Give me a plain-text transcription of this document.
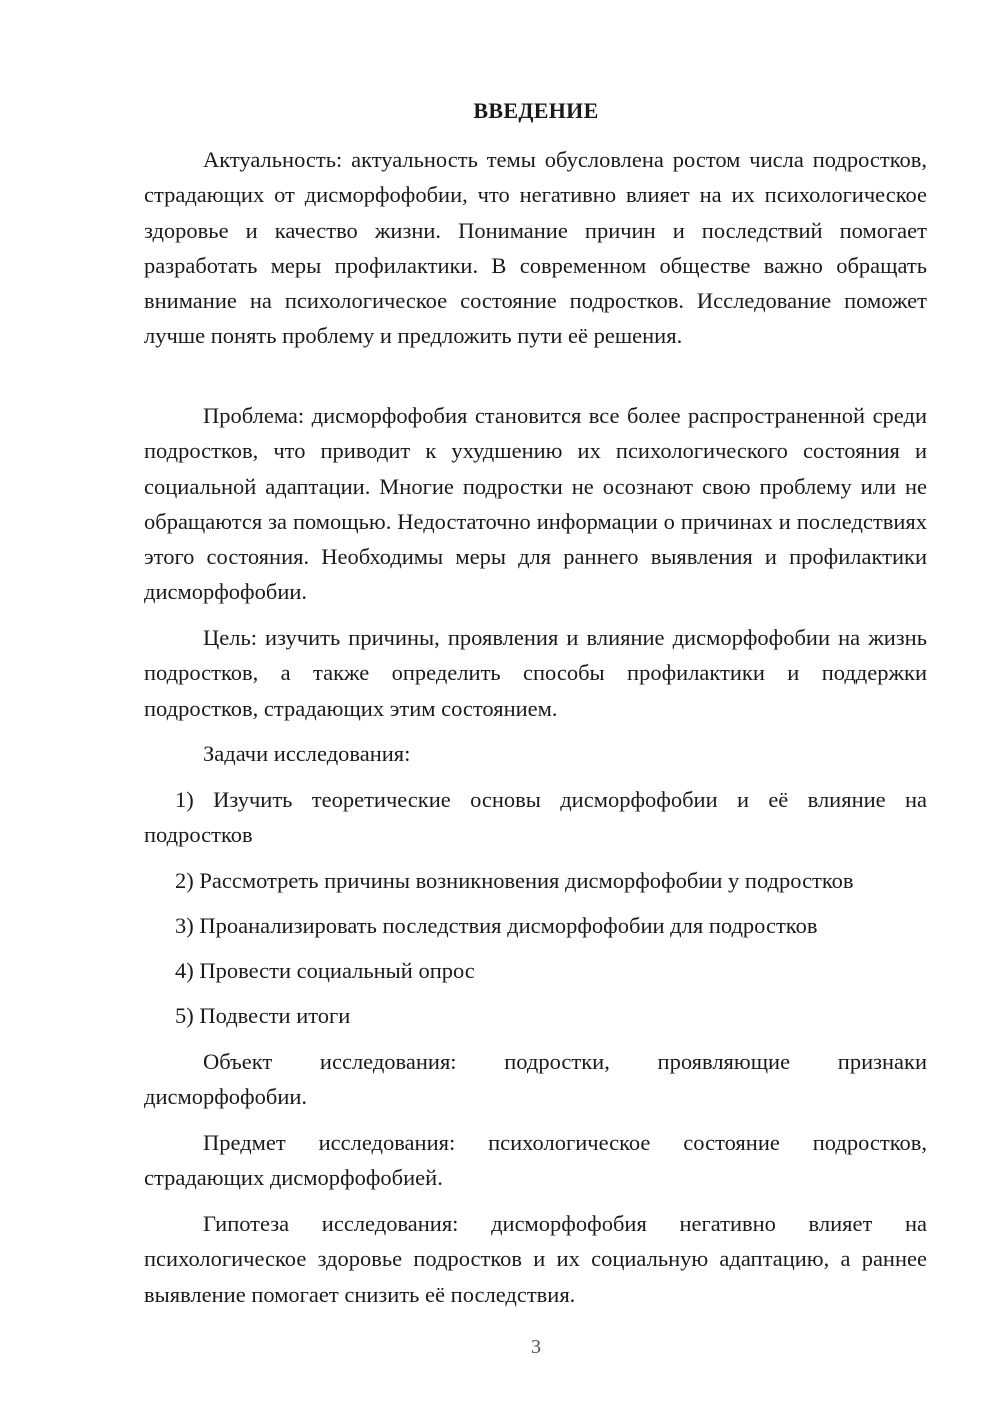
ВВЕДЕНИЕ

Актуальность: актуальность темы обусловлена ростом числа подростков, страдающих от дисморфофобии, что негативно влияет на их психологическое здоровье и качество жизни. Понимание причин и последствий помогает разработать меры профилактики. В современном обществе важно обращать внимание на психологическое состояние подростков. Исследование поможет лучше понять проблему и предложить пути её решения.

Проблема: дисморфофобия становится все более распространенной среди подростков, что приводит к ухудшению их психологического состояния и социальной адаптации. Многие подростки не осознают свою проблему или не обращаются за помощью. Недостаточно информации о причинах и последствиях этого состояния. Необходимы меры для раннего выявления и профилактики дисморфофобии.

Цель: изучить причины, проявления и влияние дисморфофобии на жизнь подростков, а также определить способы профилактики и поддержки подростков, страдающих этим состоянием.

Задачи исследования:

1) Изучить теоретические основы дисморфофобии и её влияние на подростков

2) Рассмотреть причины возникновения дисморфофобии у подростков

3) Проанализировать последствия дисморфофобии для подростков

4) Провести социальный опрос

5) Подвести итоги

Объект исследования: подростки, проявляющие признаки дисморфофобии.

Предмет исследования: психологическое состояние подростков, страдающих дисморфофобией.

Гипотеза исследования: дисморфофобия негативно влияет на психологическое здоровье подростков и их социальную адаптацию, а раннее выявление помогает снизить её последствия.

3
